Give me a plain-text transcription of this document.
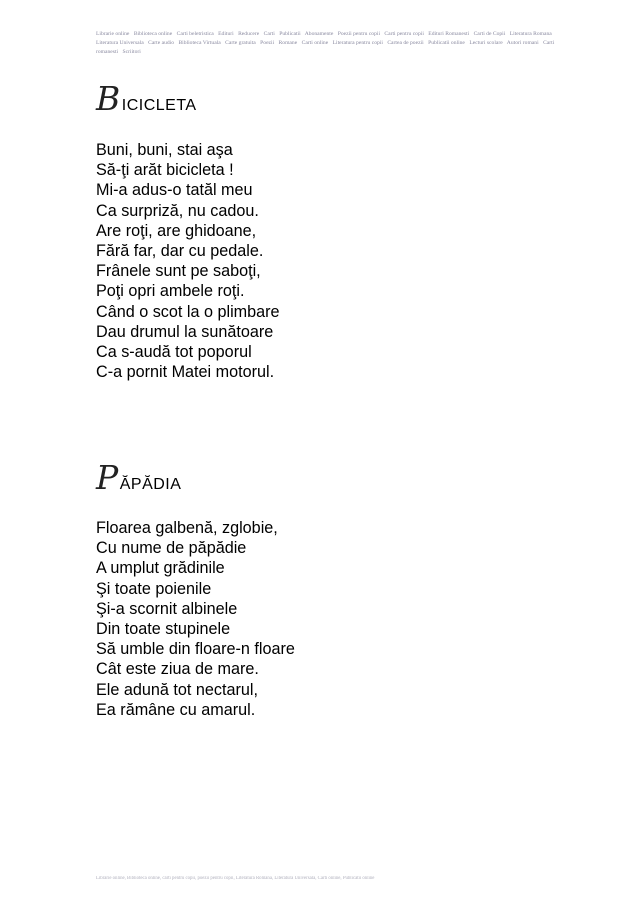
Librarie online Biblioteca online Carti beletristica Edituri Reducere Carti Publicatii Abonamente Poezii pentru copii Carti pentru copii Edituri Romanesti Carti de Copii Literatura Romana Literatura Universala Carte audio Biblioteca Virtuala Carte gratuita Poezii Romane Carti online Literatura pentru copii Cartea de poezii Publicatii online Lecturi scolare Autori romani Carti romanesti Scriitori
B ICICLETA
Buni, buni, stai aşa
Să-ţi arăt bicicleta !
Mi-a adus-o tatăl meu
Ca surpriză, nu cadou.
Are roţi, are ghidoane,
Fără far, dar cu pedale.
Frânele sunt pe saboţi,
Poţi opri ambele roţi.
Când o scot la o plimbare
Dau drumul la sunătoare
Ca s-audă tot poporul
C-a pornit Matei motorul.
P ĂPĂDIA
Floarea galbenă, zglobie,
Cu nume de păpădie
A umplut grădinile
Şi toate poienile
Şi-a scornit albinele
Din toate stupinele
Să umble din floare-n floare
Cât este ziua de mare.
Ele adună tot nectarul,
Ea rămâne cu amarul.
Librarie online, Biblioteca online, carti pentru copii, poezii pentru copii, Literatura Romana, Literatura Universala, Carti online, Publicatii online
